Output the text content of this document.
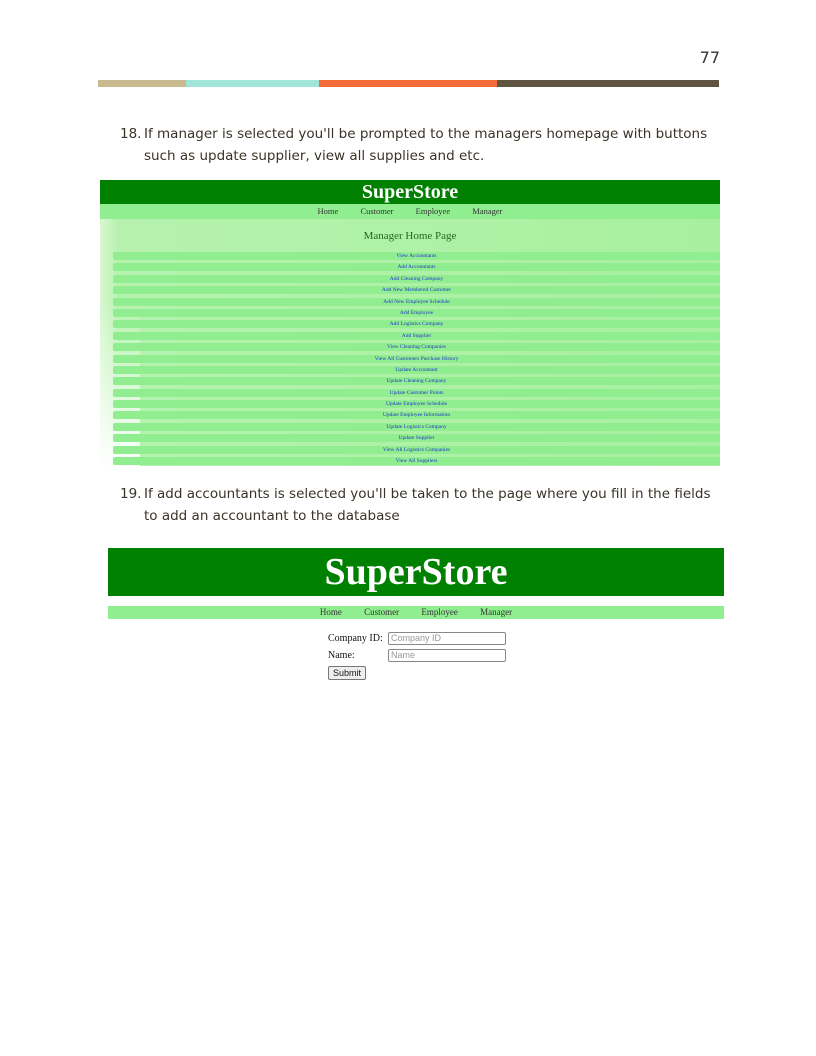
77
18. If manager is selected you'll be prompted to the managers homepage with buttons such as update supplier, view all supplies and etc.
SuperStore
Home	Customer	Employee	Manager
Manager Home Page
View Accountants
Add Accountants
Add Cleaning Company
Add New Membered Customer
Add New Employee Schedule
Add Employee
Add Logistics Company
Add Supplier
View Cleaning Companies
View All Customers Purchase History
Update Accountant
Update Cleaning Company
Update Customer Points
Update Employee Schedule
Update Employee Information
Update Logistics Company
Update Supplier
View All Logistics Companies
View All Suppliers
19. If add accountants is selected you'll be taken to the page where you fill in the fields to add an accountant to the database
SuperStore
Home Customer Employee Manager
Company ID: Company ID
Name:	Name
Submit
